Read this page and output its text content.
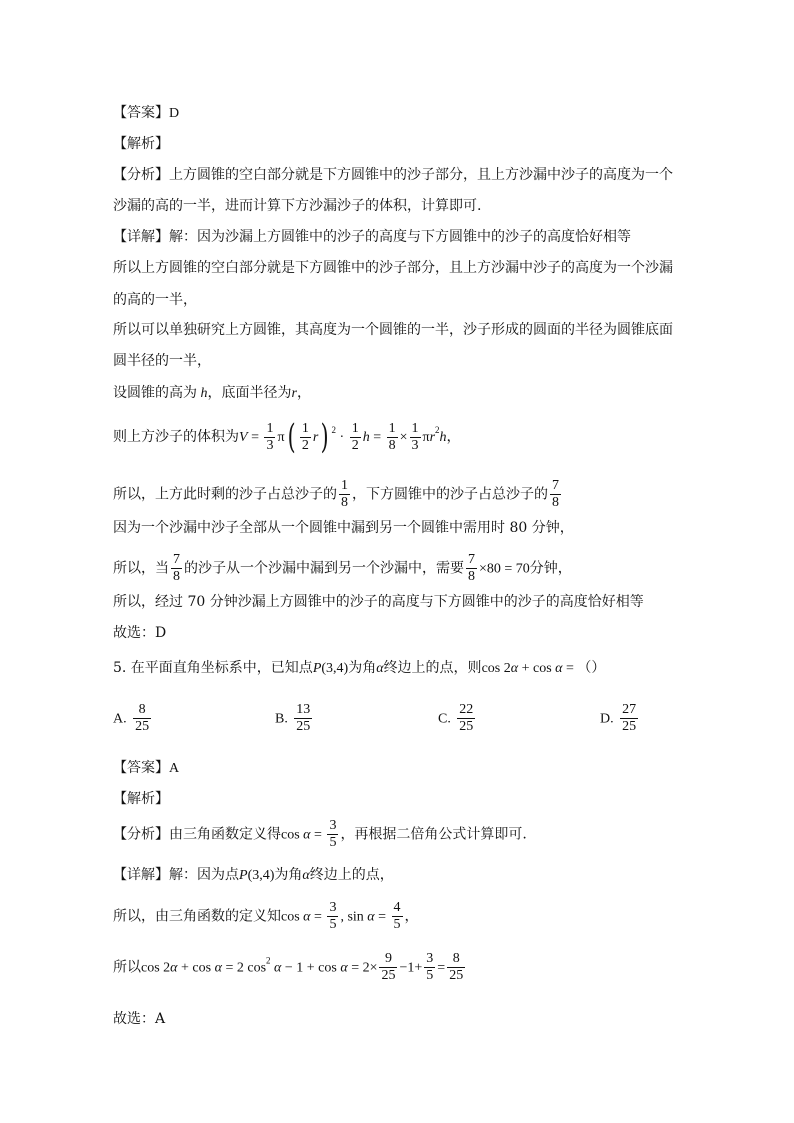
【答案】D
【解析】
【分析】上方圆锥的空白部分就是下方圆锥中的沙子部分，且上方沙漏中沙子的高度为一个
沙漏的高的一半，进而计算下方沙漏沙子的体积，计算即可.
【详解】解：因为沙漏上方圆锥中的沙子的高度与下方圆锥中的沙子的高度恰好相等
所以上方圆锥的空白部分就是下方圆锥中的沙子部分，且上方沙漏中沙子的高度为一个沙漏
的高的一半，
所以可以单独研究上方圆锥，其高度为一个圆锥的一半，沙子形成的圆面的半径为圆锥底面
圆半径的一半，
设圆锥的高为 h，底面半径为r，
则上方沙子的体积为$V = \frac{1}{3} \pi( \frac{1}{2} r) ^2 \cdot \frac{1}{2}$ $h = \frac{1}{8} \times \frac{1}{3} \pi r^2h$，
所以，上方此时剩的沙子占总沙子的 $\frac{1}{8}$ ，下方圆锥中的沙子占总沙子的 $\frac{7}{8}$
因为一个沙漏中沙子全部从一个圆锥中漏到另一个圆锥中需用时 80 分钟，
所以，当 $\frac{7}{8}$ 的沙子从一个沙漏中漏到另一个沙漏中，需要 $\frac{7}{8} \times 80 = 70$分钟，
所以，经过 70 分钟沙漏上方圆锥中的沙子的高度与下方圆锥中的沙子的高度恰好相等
故选：D
5. 在平面直角坐标系中，已知点P(3,4)为角α终边上的点，则cos 2α + cos α = （）
A. $\frac{8}{25}$	B. $\frac{13}{25}$	C. $\frac{22}{25}$	D. $\frac{27}{25}$
【答案】A
【解析】
【分析】由三角函数定义得$\cos \alpha = \frac{3}{5}$ ，再根据二倍角公式计算即可.
【详解】解：因为点P(3,4)为角α终边上的点，
所以，由三角函数的定义知$\cos \alpha = \frac{3}{5}$ , $\sin \alpha = \frac{4}{5}$ ，
所以cos 2α + cos α = 2 $\cos^2 \alpha - 1 + \cos \alpha = 2\times \frac{9}{25} -1+ \frac{3}{5} = \frac{8}{25}$
故选：A
